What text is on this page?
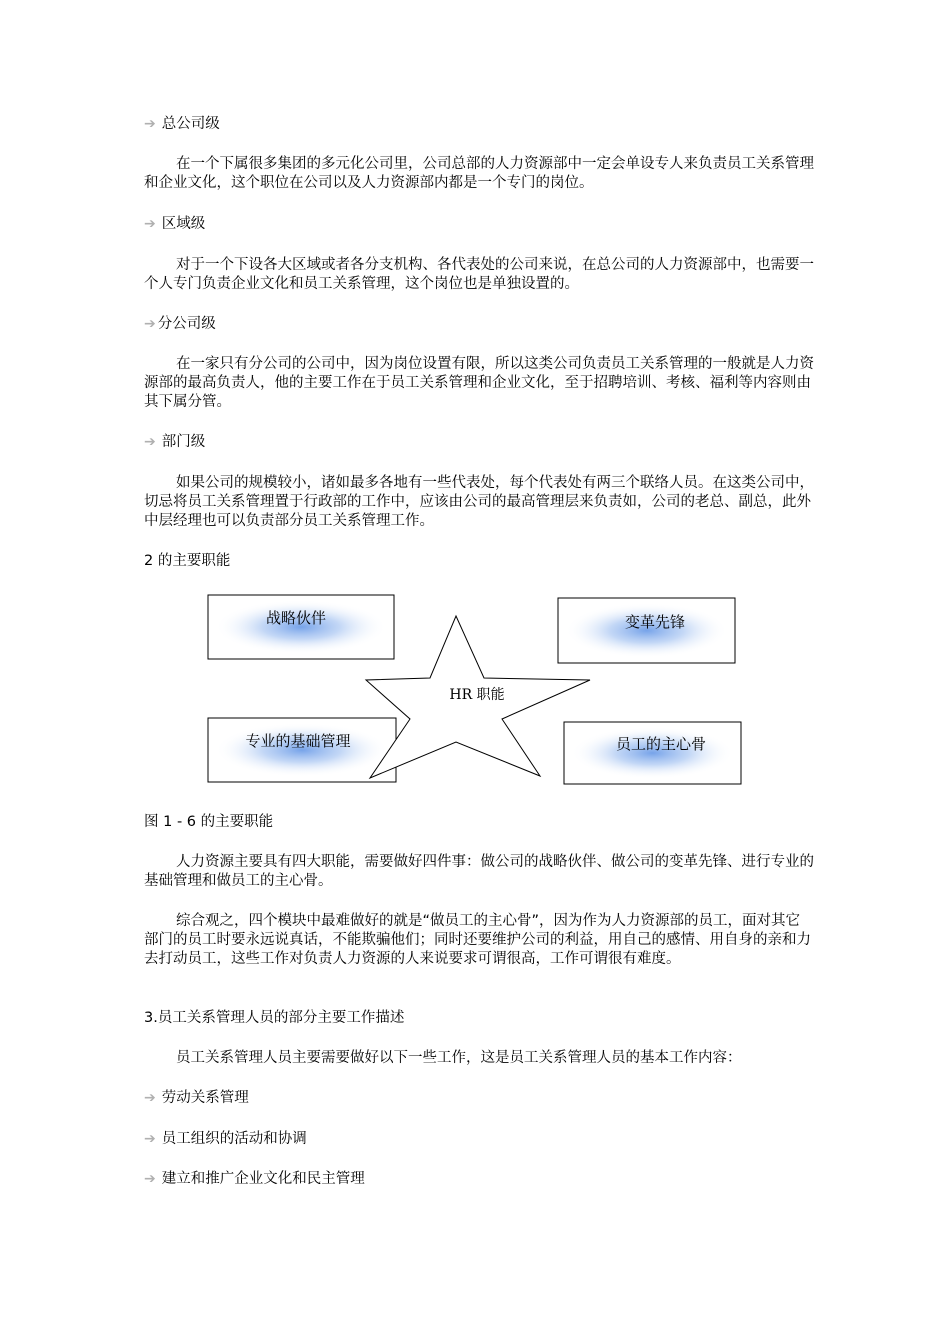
➔ 总公司级
在一个下属很多集团的多元化公司里，公司总部的人力资源部中一定会单设专人来负责员工关系管理和企业文化，这个职位在公司以及人力资源部内都是一个专门的岗位。
➔ 区域级
对于一个下设各大区域或者各分支机构、各代表处的公司来说，在总公司的人力资源部中，也需要一个人专门负责企业文化和员工关系管理，这个岗位也是单独设置的。
➔ 分公司级
在一家只有分公司的公司中，因为岗位设置有限，所以这类公司负责员工关系管理的一般就是人力资源部的最高负责人，他的主要工作在于员工关系管理和企业文化，至于招聘培训、考核、福利等内容则由其下属分管。
➔ 部门级
如果公司的规模较小，诸如最多各地有一些代表处，每个代表处有两三个联络人员。在这类公司中，切忌将员工关系管理置于行政部的工作中，应该由公司的最高管理层来负责如，公司的老总、副总，此外中层经理也可以负责部分员工关系管理工作。
2 的主要职能
战略伙伴	变革先锋
专业的基础管理	员工的主心骨
HR 职能
图 1 - 6 的主要职能
人力资源主要具有四大职能，需要做好四件事：做公司的战略伙伴、做公司的变革先锋、进行专业的基础管理和做员工的主心骨。
综合观之，四个模块中最难做好的就是“做员工的主心骨”，因为作为人力资源部的员工，面对其它部门的员工时要永远说真话，不能欺骗他们；同时还要维护公司的利益，用自己的感情、用自身的亲和力去打动员工，这些工作对负责人力资源的人来说要求可谓很高，工作可谓很有难度。
3.员工关系管理人员的部分主要工作描述
员工关系管理人员主要需要做好以下一些工作，这是员工关系管理人员的基本工作内容：
➔ 劳动关系管理
➔ 员工组织的活动和协调
➔ 建立和推广企业文化和民主管理
